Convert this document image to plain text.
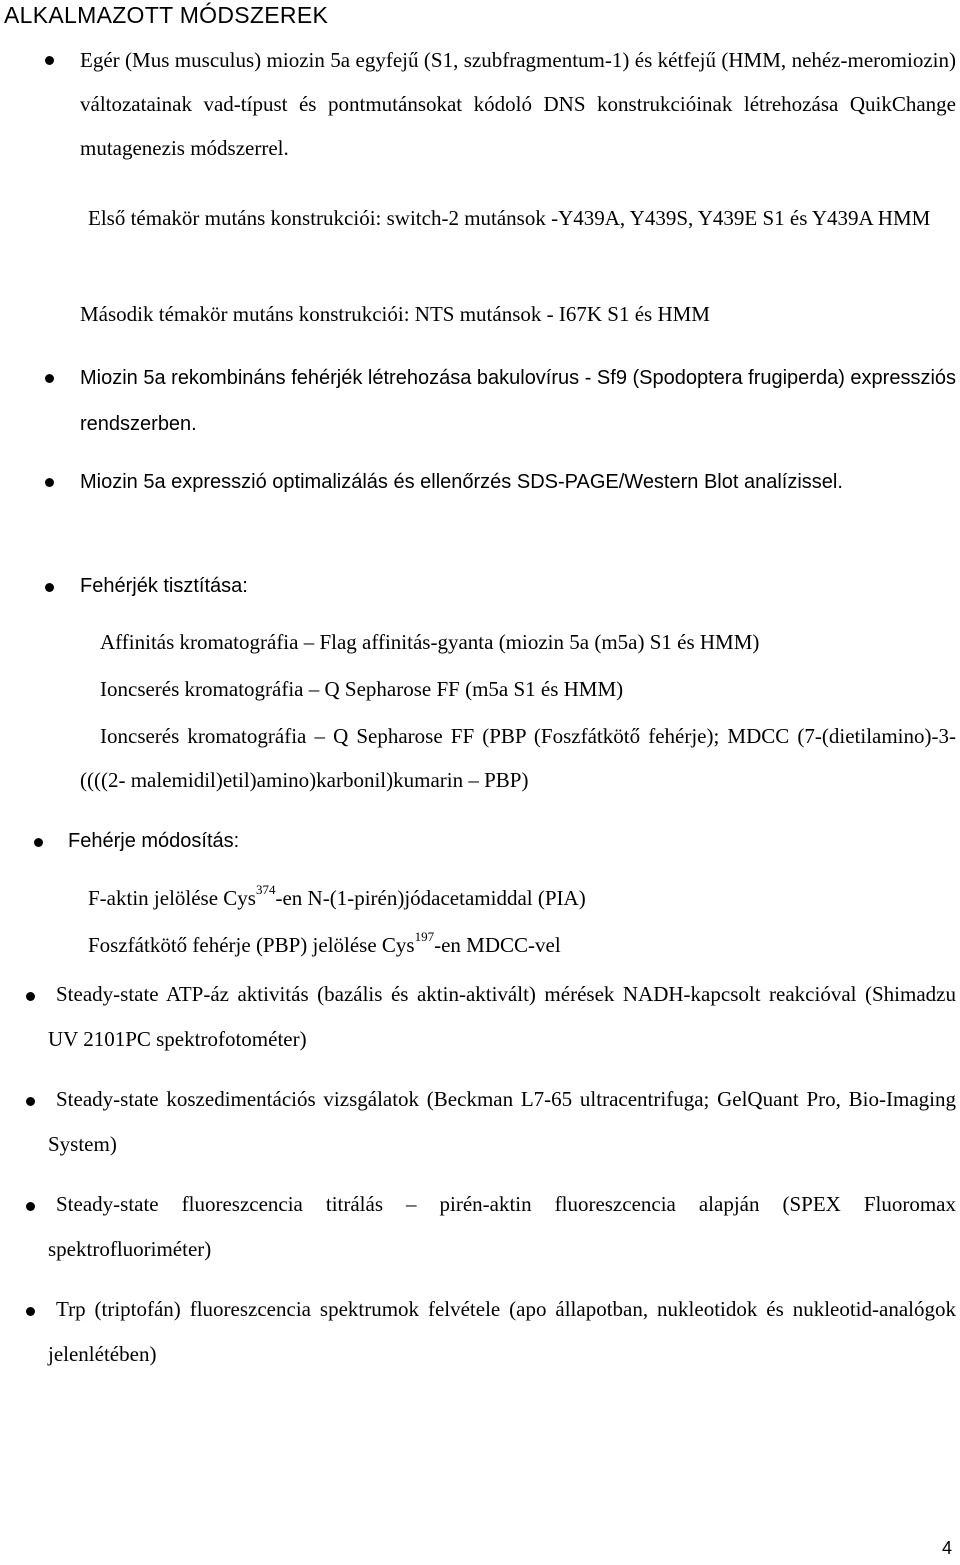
ALKALMAZOTT MÓDSZEREK
Egér (Mus musculus) miozin 5a egyfejű (S1, szubfragmentum-1) és kétfejű (HMM, nehéz-meromiozin) változatainak vad-típust és pontmutánsokat kódoló DNS konstrukcióinak létrehozása QuikChange mutagenezis módszerrel.
Első témakör mutáns konstrukciói: switch-2 mutánsok -Y439A, Y439S, Y439E S1 és Y439A HMM
Második témakör mutáns konstrukciói: NTS mutánsok - I67K S1 és HMM
Miozin 5a rekombináns fehérjék létrehozása bakulovírus - Sf9 (Spodoptera frugiperda) expressziós rendszerben.
Miozin 5a expresszió optimalizálás és ellenőrzés SDS-PAGE/Western Blot analízissel.
Fehérjék tisztítása:
Affinitás kromatográfia – Flag affinitás-gyanta (miozin 5a (m5a) S1 és HMM)
Ioncserés kromatográfia – Q Sepharose FF (m5a S1 és HMM)
Ioncserés kromatográfia – Q Sepharose FF (PBP (Foszfátkötő fehérje); MDCC (7-(dietilamino)-3-((((2- malemidil)etil)amino)karbonil)kumarin – PBP)
Fehérje módosítás:
F-aktin jelölése Cys$^{374}$-en N-(1-pirén)jódacetamiddal (PIA)
Foszfátkötő fehérje (PBP) jelölése Cys$^{197}$-en MDCC-vel
Steady-state ATP-áz aktivitás (bazális és aktin-aktivált) mérések NADH-kapcsolt reakcióval (Shimadzu UV 2101PC spektrofotométer)
Steady-state koszedimentációs vizsgálatok (Beckman L7-65 ultracentrifuga; GelQuant Pro, Bio-Imaging System)
Steady-state fluoreszcencia titrálás – pirén-aktin fluoreszcencia alapján (SPEX Fluoromax spektrofluoriméter)
Trp (triptofán) fluoreszcencia spektrumok felvétele (apo állapotban, nukleotidok és nukleotid-analógok jelenlétében)
4
